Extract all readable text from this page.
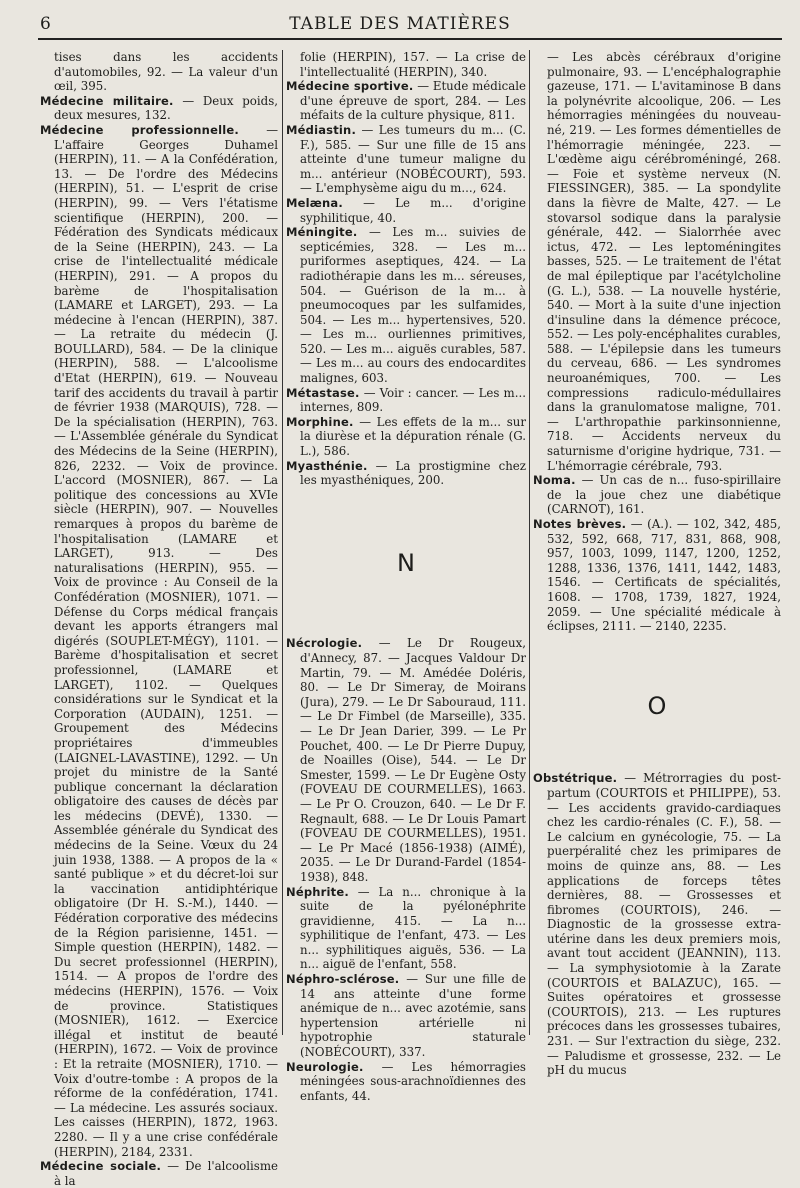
6	TABLE DES MATIÈRES

tises dans les accidents d'automobiles, 92. — La valeur d'un œil, 395.

Médecine militaire. — Deux poids, deux mesures, 132.

Médecine professionnelle. — L'affaire Georges Duhamel (HERPIN), 11. — A la Confédération, 13. — De l'ordre des Médecins (HERPIN), 51. — L'esprit de crise (HERPIN), 99. — Vers l'étatisme scientifique (HERPIN), 200. — Fédération des Syndicats médicaux de la Seine (HERPIN), 243. — La crise de l'intellectualité médicale (HERPIN), 291. — A propos du barème de l'hospitalisation (LAMARE et LARGET), 293. — La médecine à l'encan (HERPIN), 387. — La retraite du médecin (J. BOULLARD), 584. — De la clinique (HERPIN), 588. — L'alcoolisme d'Etat (HERPIN), 619. — Nouveau tarif des accidents du travail à partir de février 1938 (MARQUIS), 728. — De la spécialisation (HERPIN), 763. — L'Assemblée générale du Syndicat des Médecins de la Seine (HERPIN), 826, 2232. — Voix de province. L'accord (MOSNIER), 867. — La politique des concessions au XVIe siècle (HERPIN), 907. — Nouvelles remarques à propos du barème de l'hospitalisation (LAMARE et LARGET), 913. — Des naturalisations (HERPIN), 955. — Voix de province : Au Conseil de la Confédération (MOSNIER), 1071. — Défense du Corps médical français devant les apports étrangers mal digérés (SOUPLET-MÉGY), 1101. — Barème d'hospitalisation et secret professionnel, (LAMARE et LARGET), 1102. — Quelques considérations sur le Syndicat et la Corporation (AUDAIN), 1251. — Groupement des Médecins propriétaires d'immeubles (LAIGNEL-LAVASTINE), 1292. — Un projet du ministre de la Santé publique concernant la déclaration obligatoire des causes de décès par les médecins (DEVÉ), 1330. — Assemblée générale du Syndicat des médecins de la Seine. Vœux du 24 juin 1938, 1388. — A propos de la « santé publique » et du décret-loi sur la vaccination antidiphtérique obligatoire (Dr H. S.-M.), 1440. — Fédération corporative des médecins de la Région parisienne, 1451. — Simple question (HERPIN), 1482. — Du secret professionnel (HERPIN), 1514. — A propos de l'ordre des médecins (HERPIN), 1576. — Voix de province. Statistiques (MOSNIER), 1612. — Exercice illégal et institut de beauté (HERPIN), 1672. — Voix de province : Et la retraite (MOSNIER), 1710. — Voix d'outre-tombe : A propos de la réforme de la confédération, 1741. — La médecine. Les assurés sociaux. Les caisses (HERPIN), 1872, 1963. 2280. — Il y a une crise confédérale (HERPIN), 2184, 2331.

Médecine sociale. — De l'alcoolisme à la

folie (HERPIN), 157. — La crise de l'intellectualité (HERPIN), 340.

Médecine sportive. — Etude médicale d'une épreuve de sport, 284. — Les méfaits de la culture physique, 811.

Médiastin. — Les tumeurs du m... (C. F.), 585. — Sur une fille de 15 ans atteinte d'une tumeur maligne du m... antérieur (NOBÉCOURT), 593. — L'emphysème aigu du m..., 624.

Melæna. — Le m... d'origine syphilitique, 40.

Méningite. — Les m... suivies de septicémies, 328. — Les m... puriformes aseptiques, 424. — La radiothérapie dans les m... séreuses, 504. — Guérison de la m... à pneumocoques par les sulfamides, 504. — Les m... hypertensives, 520. — Les m... ourliennes primitives, 520. — Les m... aiguës curables, 587. — Les m... au cours des endocardites malignes, 603.

Métastase. — Voir : cancer. — Les m... internes, 809.

Morphine. — Les effets de la m... sur la diurèse et la dépuration rénale (G. L.), 586.

Myasthénie. — La prostigmine chez les myasthéniques, 200.

N

Nécrologie. — Le Dr Rougeux, d'Annecy, 87. — Jacques Valdour Dr Martin, 79. — M. Amédée Doléris, 80. — Le Dr Simeray, de Moirans (Jura), 279. — Le Dr Sabouraud, 111. — Le Dr Fimbel (de Marseille), 335. — Le Dr Jean Darier, 399. — Le Pr Pouchet, 400. — Le Dr Pierre Dupuy, de Noailles (Oise), 544. — Le Dr Smester, 1599. — Le Dr Eugène Osty (FOVEAU DE COURMELLES), 1663. — Le Pr O. Crouzon, 640. — Le Dr F. Regnault, 688. — Le Dr Louis Pamart (FOVEAU DE COURMELLES), 1951. — Le Pr Macé (1856-1938) (AIMÉ), 2035. — Le Dr Durand-Fardel (1854-1938), 848.

Néphrite. — La n... chronique à la suite de la pyélonéphrite gravidienne, 415. — La n... syphilitique de l'enfant, 473. — Les n... syphilitiques aiguës, 536. — La n... aiguë de l'enfant, 558.

Néphro-sclérose. — Sur une fille de 14 ans atteinte d'une forme anémique de n... avec azotémie, sans hypertension artérielle ni hypotrophie staturale (NOBÉCOURT), 337.

Neurologie. — Les hémorragies méningées sous-arachnoïdiennes des enfants, 44.

— Les abcès cérébraux d'origine pulmonaire, 93. — L'encéphalographie gazeuse, 171. — L'avitaminose B dans la polynévrite alcoolique, 206. — Les hémorragies méningées du nouveau-né, 219. — Les formes démentielles de l'hémorragie méningée, 223. — L'œdème aigu cérébroméningé, 268. — Foie et système nerveux (N. FIESSINGER), 385. — La spondylite dans la fièvre de Malte, 427. — Le stovarsol sodique dans la paralysie générale, 442. — Sialorrhée avec ictus, 472. — Les leptoméningites basses, 525. — Le traitement de l'état de mal épileptique par l'acétylcholine (G. L.), 538. — La nouvelle hystérie, 540. — Mort à la suite d'une injection d'insuline dans la démence précoce, 552. — Les poly-encéphalites curables, 588. — L'épilepsie dans les tumeurs du cerveau, 686. — Les syndromes neuroanémiques, 700. — Les compressions radiculo-médullaires dans la granulomatose maligne, 701. — L'arthropathie parkinsonnienne, 718. — Accidents nerveux du saturnisme d'origine hydrique, 731. — L'hémorragie cérébrale, 793.

Noma. — Un cas de n... fuso-spirillaire de la joue chez une diabétique (CARNOT), 161.

Notes brèves. — (A.). — 102, 342, 485, 532, 592, 668, 717, 831, 868, 908, 957, 1003, 1099, 1147, 1200, 1252, 1288, 1336, 1376, 1411, 1442, 1483, 1546. — Certificats de spécialités, 1608. — 1708, 1739, 1827, 1924, 2059. — Une spécialité médicale à éclipses, 2111. — 2140, 2235.

O

Obstétrique. — Métrorragies du post-partum (COURTOIS et PHILIPPE), 53. — Les accidents gravido-cardiaques chez les cardio-rénales (C. F.), 58. — Le calcium en gynécologie, 75. — La puerpéralité chez les primipares de moins de quinze ans, 88. — Les applications de forceps têtes dernières, 88. — Grossesses et fibromes (COURTOIS), 246. — Diagnostic de la grossesse extra-utérine dans les deux premiers mois, avant tout accident (JEANNIN), 113. — La symphysiotomie à la Zarate (COURTOIS et BALAZUC), 165. — Suites opératoires et grossesse (COURTOIS), 213. — Les ruptures précoces dans les grossesses tubaires, 231. — Sur l'extraction du siège, 232. — Paludisme et grossesse, 232. — Le pH du mucus
